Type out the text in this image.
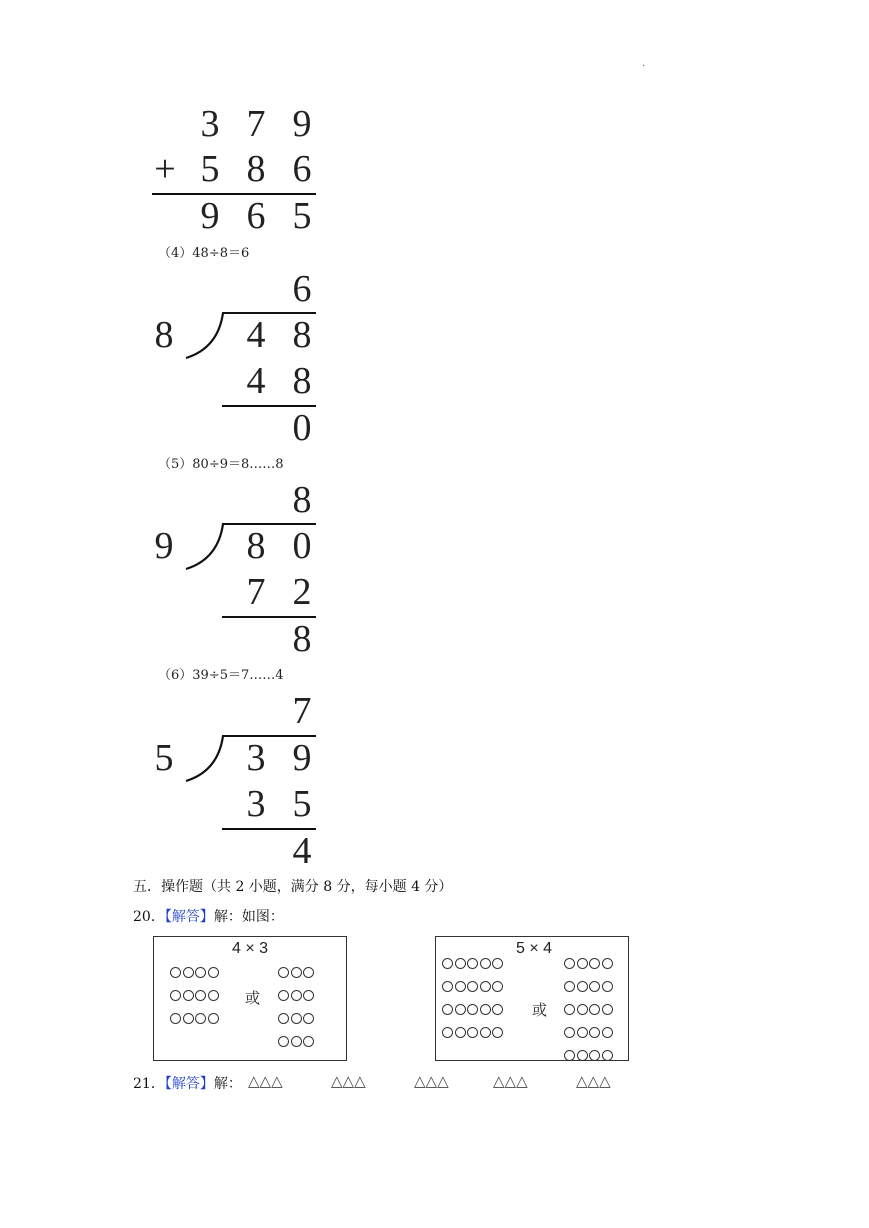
.
3 7 9
+ 5 8 6
9 6 5
（4）48÷8＝6
6
8 4 8
4 8
0
（5）80÷9＝8……8
8
9 8 0
7 2
8
（6）39÷5＝7……4
7
5 3 9
3 5
4
五．操作题（共 2 小题，满分 8 分，每小题 4 分）
20．【解答】解：如图：
4 × 3
或
5 × 4
或
21．【解答】解： △△△	△△△	△△△	△△△	△△△
